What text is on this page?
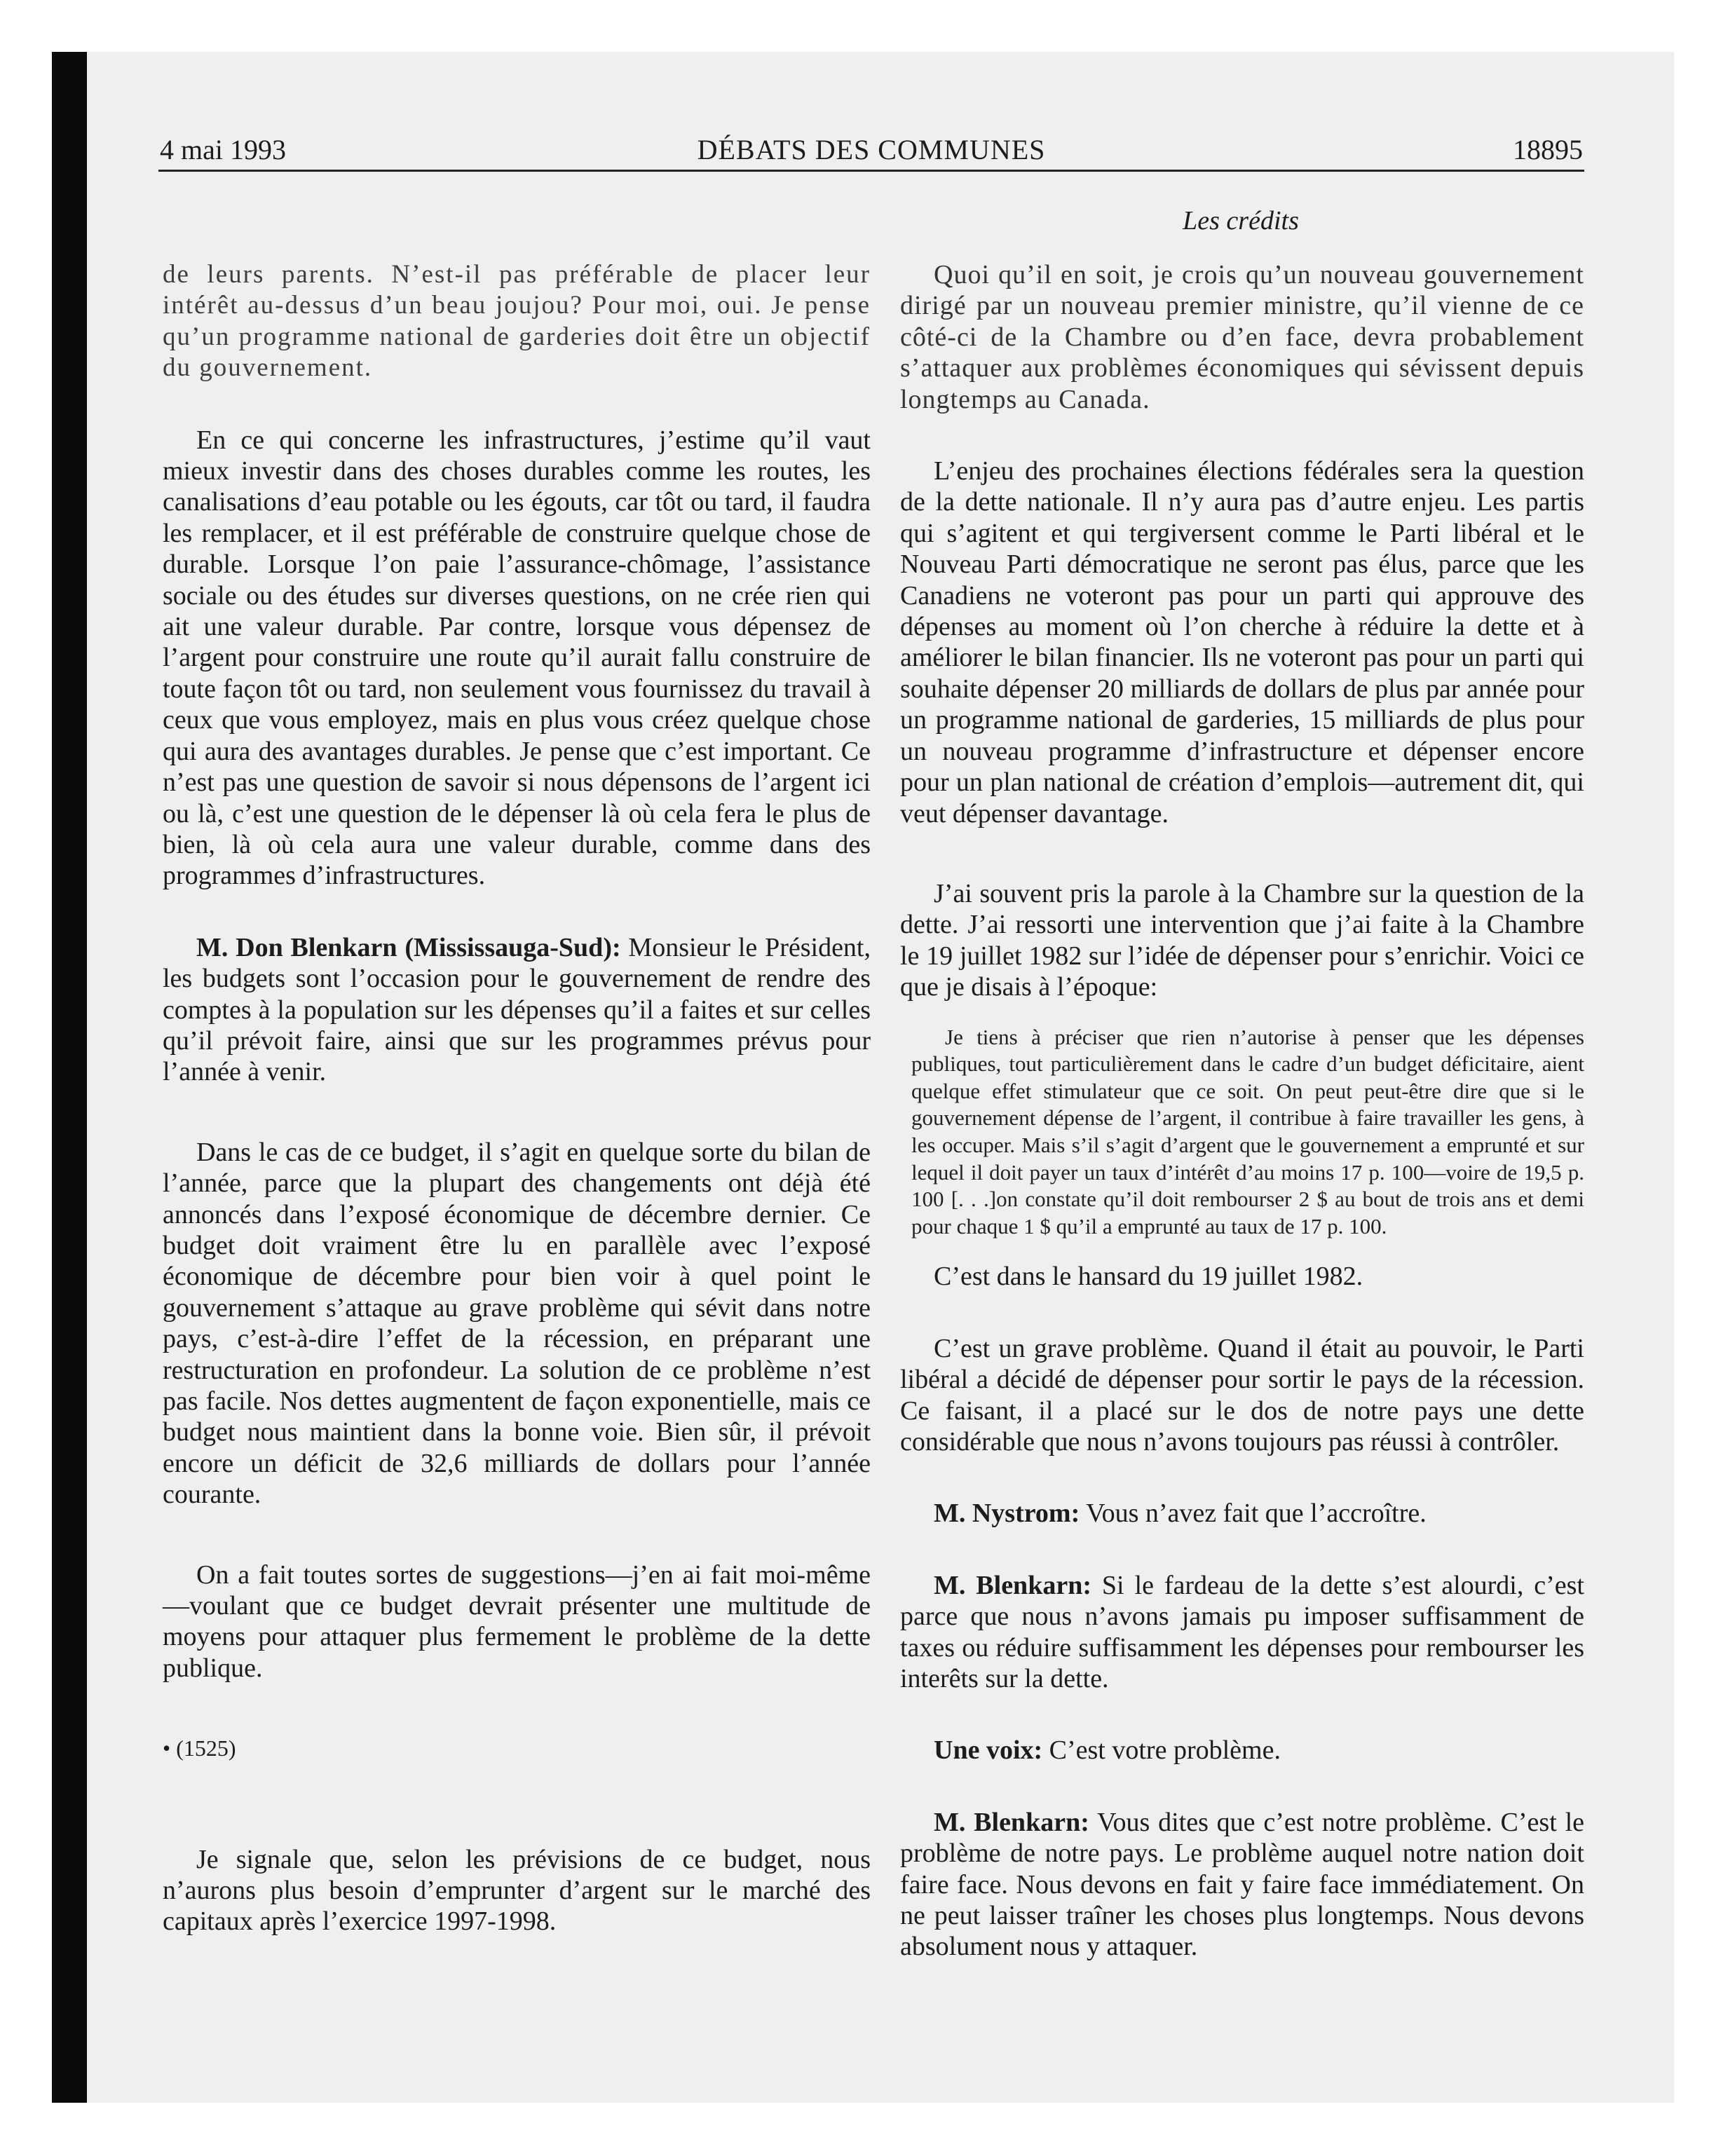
4 mai 1993	DÉBATS DES COMMUNES	18895
Les crédits

de leurs parents. N’est-il pas préférable de placer leur intérêt au-dessus d’un beau joujou? Pour moi, oui. Je pense qu’un programme national de garderies doit être un objectif du gouvernement.

En ce qui concerne les infrastructures, j’estime qu’il vaut mieux investir dans des choses durables comme les routes, les canalisations d’eau potable ou les égouts, car tôt ou tard, il faudra les remplacer, et il est préférable de construire quelque chose de durable. Lorsque l’on paie l’assurance-chômage, l’assistance sociale ou des études sur diverses questions, on ne crée rien qui ait une valeur durable. Par contre, lorsque vous dépensez de l’argent pour construire une route qu’il aurait fallu construire de toute façon tôt ou tard, non seulement vous fournissez du travail à ceux que vous employez, mais en plus vous créez quelque chose qui aura des avantages durables. Je pense que c’est important. Ce n’est pas une question de savoir si nous dépensons de l’argent ici ou là, c’est une question de le dépenser là où cela fera le plus de bien, là où cela aura une valeur durable, comme dans des programmes d’infrastructures.

M. Don Blenkarn (Mississauga-Sud): Monsieur le Président, les budgets sont l’occasion pour le gouvernement de rendre des comptes à la population sur les dépenses qu’il a faites et sur celles qu’il prévoit faire, ainsi que sur les programmes prévus pour l’année à venir.

Dans le cas de ce budget, il s’agit en quelque sorte du bilan de l’année, parce que la plupart des changements ont déjà été annoncés dans l’exposé économique de décembre dernier. Ce budget doit vraiment être lu en parallèle avec l’exposé économique de décembre pour bien voir à quel point le gouvernement s’attaque au grave problème qui sévit dans notre pays, c’est-à-dire l’effet de la récession, en préparant une restructuration en profondeur. La solution de ce problème n’est pas facile. Nos dettes augmentent de façon exponentielle, mais ce budget nous maintient dans la bonne voie. Bien sûr, il prévoit encore un déficit de 32,6 milliards de dollars pour l’année courante.

On a fait toutes sortes de suggestions—j’en ai fait moi-même—voulant que ce budget devrait présenter une multitude de moyens pour attaquer plus fermement le problème de la dette publique.

• (1525)

Je signale que, selon les prévisions de ce budget, nous n’aurons plus besoin d’emprunter d’argent sur le marché des capitaux après l’exercice 1997-1998.

Quoi qu’il en soit, je crois qu’un nouveau gouvernement dirigé par un nouveau premier ministre, qu’il vienne de ce côté-ci de la Chambre ou d’en face, devra probablement s’attaquer aux problèmes économiques qui sévissent depuis longtemps au Canada.

L’enjeu des prochaines élections fédérales sera la question de la dette nationale. Il n’y aura pas d’autre enjeu. Les partis qui s’agitent et qui tergiversent comme le Parti libéral et le Nouveau Parti démocratique ne seront pas élus, parce que les Canadiens ne voteront pas pour un parti qui approuve des dépenses au moment où l’on cherche à réduire la dette et à améliorer le bilan financier. Ils ne voteront pas pour un parti qui souhaite dépenser 20 milliards de dollars de plus par année pour un programme national de garderies, 15 milliards de plus pour un nouveau programme d’infrastructure et dépenser encore pour un plan national de création d’emplois—autrement dit, qui veut dépenser davantage.

J’ai souvent pris la parole à la Chambre sur la question de la dette. J’ai ressorti une intervention que j’ai faite à la Chambre le 19 juillet 1982 sur l’idée de dépenser pour s’enrichir. Voici ce que je disais à l’époque:

Je tiens à préciser que rien n’autorise à penser que les dépenses publiques, tout particulièrement dans le cadre d’un budget déficitaire, aient quelque effet stimulateur que ce soit. On peut peut-être dire que si le gouvernement dépense de l’argent, il contribue à faire travailler les gens, à les occuper. Mais s’il s’agit d’argent que le gouvernement a emprunté et sur lequel il doit payer un taux d’intérêt d’au moins 17 p. 100—voire de 19,5 p. 100 [. . .]on constate qu’il doit rembourser 2 $ au bout de trois ans et demi pour chaque 1 $ qu’il a emprunté au taux de 17 p. 100.

C’est dans le hansard du 19 juillet 1982.

C’est un grave problème. Quand il était au pouvoir, le Parti libéral a décidé de dépenser pour sortir le pays de la récession. Ce faisant, il a placé sur le dos de notre pays une dette considérable que nous n’avons toujours pas réussi à contrôler.

M. Nystrom: Vous n’avez fait que l’accroître.

M. Blenkarn: Si le fardeau de la dette s’est alourdi, c’est parce que nous n’avons jamais pu imposer suffisamment de taxes ou réduire suffisamment les dépenses pour rembourser les interêts sur la dette.

Une voix: C’est votre problème.

M. Blenkarn: Vous dites que c’est notre problème. C’est le problème de notre pays. Le problème auquel notre nation doit faire face. Nous devons en fait y faire face immédiatement. On ne peut laisser traîner les choses plus longtemps. Nous devons absolument nous y attaquer.
